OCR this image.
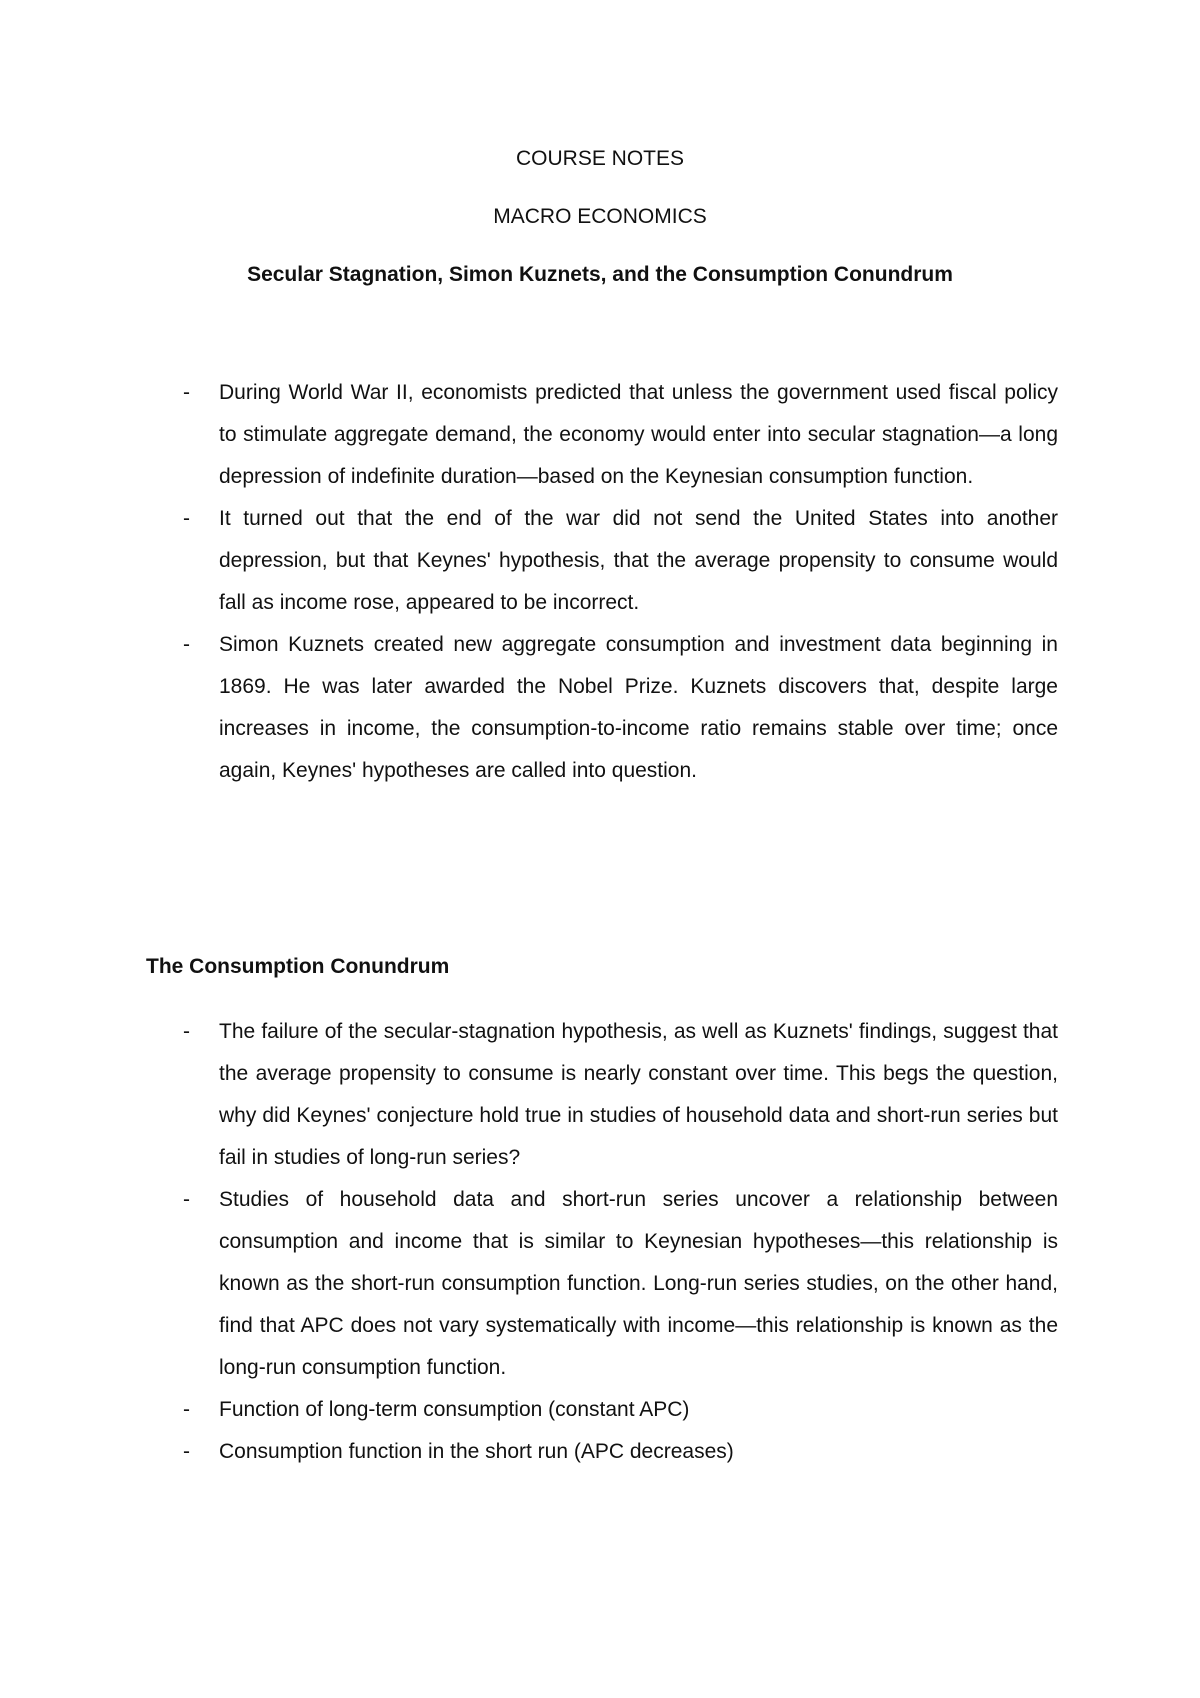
COURSE NOTES
MACRO ECONOMICS
Secular Stagnation, Simon Kuznets, and the Consumption Conundrum
- During World War II, economists predicted that unless the government used fiscal policy to stimulate aggregate demand, the economy would enter into secular stagnation—a long depression of indefinite duration—based on the Keynesian consumption function.
- It turned out that the end of the war did not send the United States into another depression, but that Keynes' hypothesis, that the average propensity to consume would fall as income rose, appeared to be incorrect.
- Simon Kuznets created new aggregate consumption and investment data beginning in 1869. He was later awarded the Nobel Prize. Kuznets discovers that, despite large increases in income, the consumption-to-income ratio remains stable over time; once again, Keynes' hypotheses are called into question.
The Consumption Conundrum
- The failure of the secular-stagnation hypothesis, as well as Kuznets' findings, suggest that the average propensity to consume is nearly constant over time. This begs the question, why did Keynes' conjecture hold true in studies of household data and short-run series but fail in studies of long-run series?
- Studies of household data and short-run series uncover a relationship between consumption and income that is similar to Keynesian hypotheses—this relationship is known as the short-run consumption function. Long-run series studies, on the other hand, find that APC does not vary systematically with income—this relationship is known as the long-run consumption function.
- Function of long-term consumption (constant APC)
- Consumption function in the short run (APC decreases)
